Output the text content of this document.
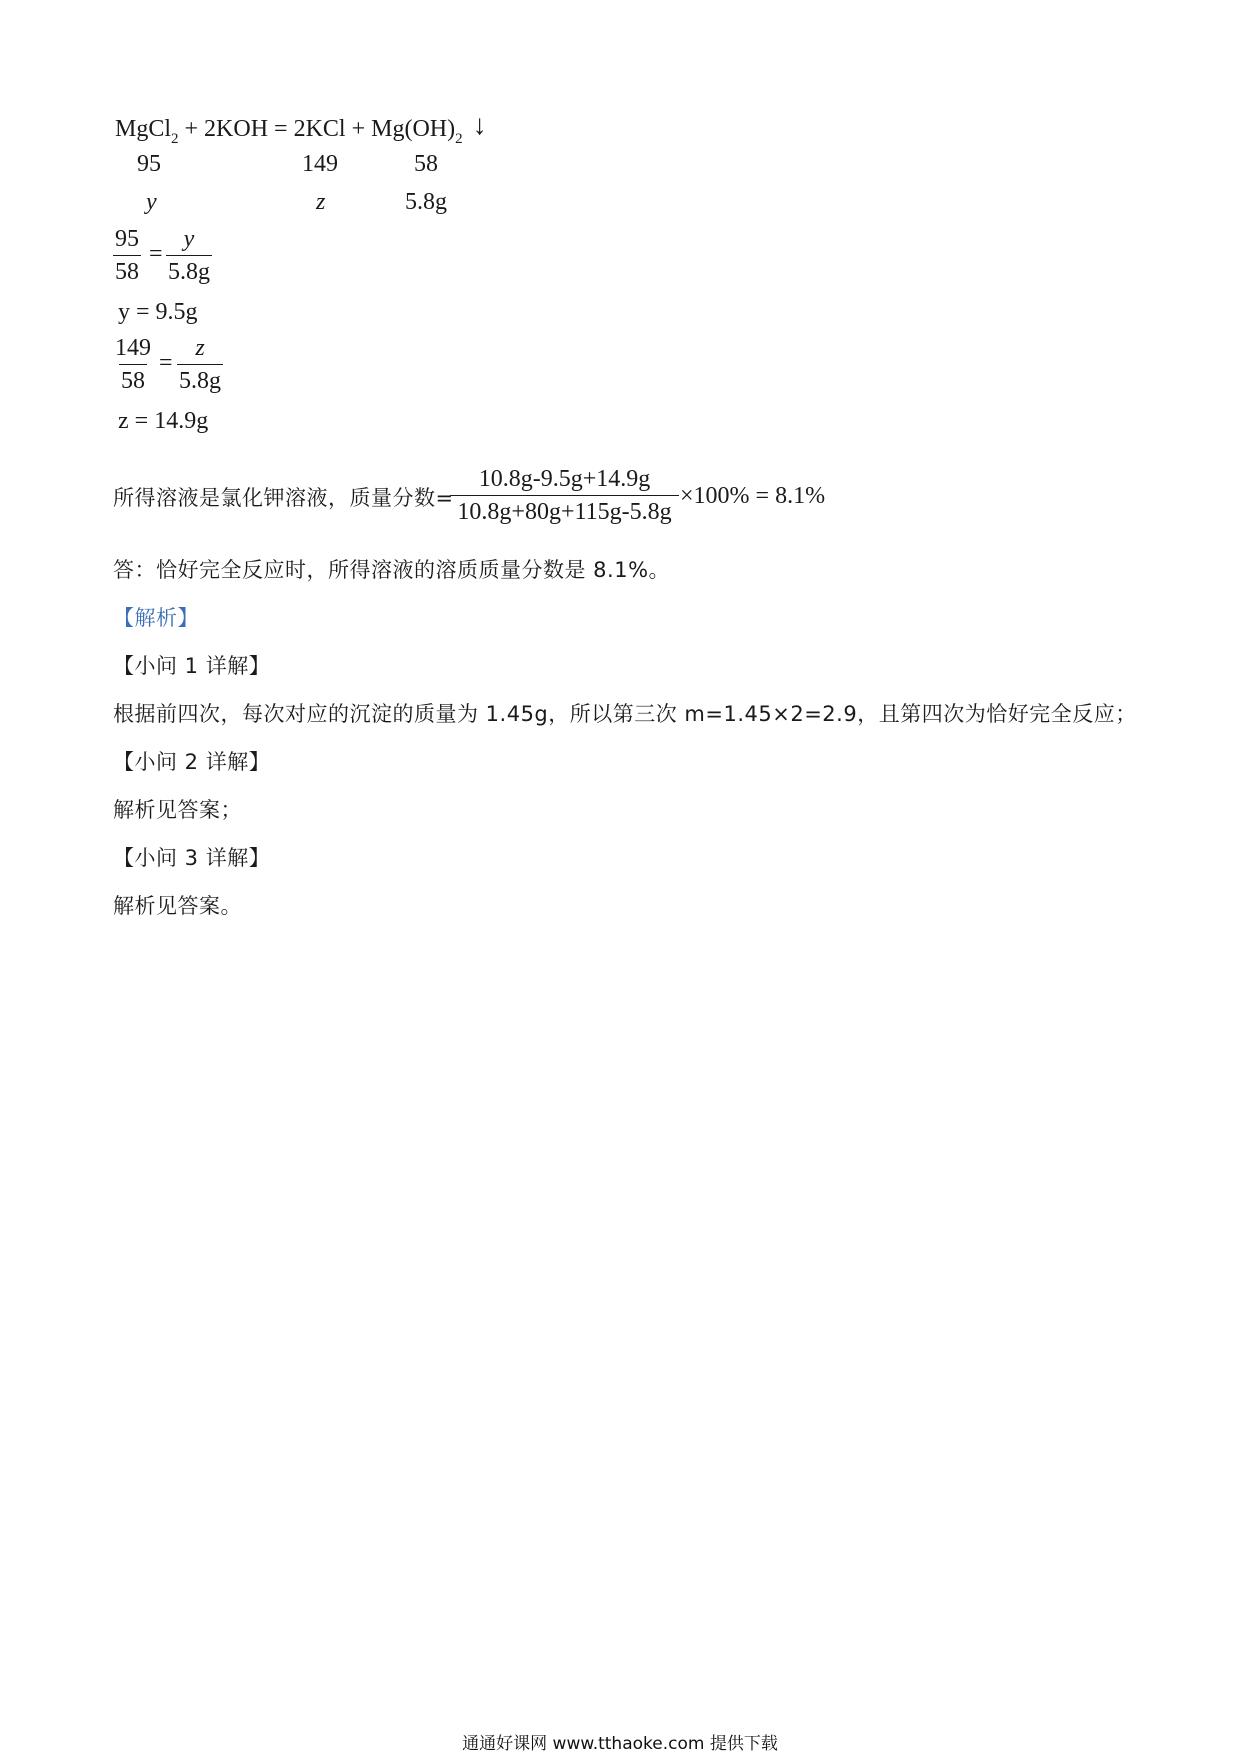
MgCl$_2$ + $2KOH = 2KCl + Mg(OH)_2$ ↓
95	149	58
y	z	5.8g
$\frac{95}{58} = \frac{y}{5.8g}$
y = 9.5g
$\frac{149}{58} = \frac{z}{5.8g}$
z = 14.9g
所得溶液是氯化钾溶液，质量分数=
$\frac{10.8g-9.5g+14.9g}{10.8g+80g+115g-5.8g} \times 100\% = 8.1\%$
答：恰好完全反应时，所得溶液的溶质质量分数是 8.1%。
【解析】
【小问 1 详解】
根据前四次，每次对应的沉淀的质量为 1.45g，所以第三次 m=1.45×2=2.9，且第四次为恰好完全反应；
【小问 2 详解】
解析见答案；
【小问 3 详解】
解析见答案。
通通好课网 www.tthaoke.com 提供下载
